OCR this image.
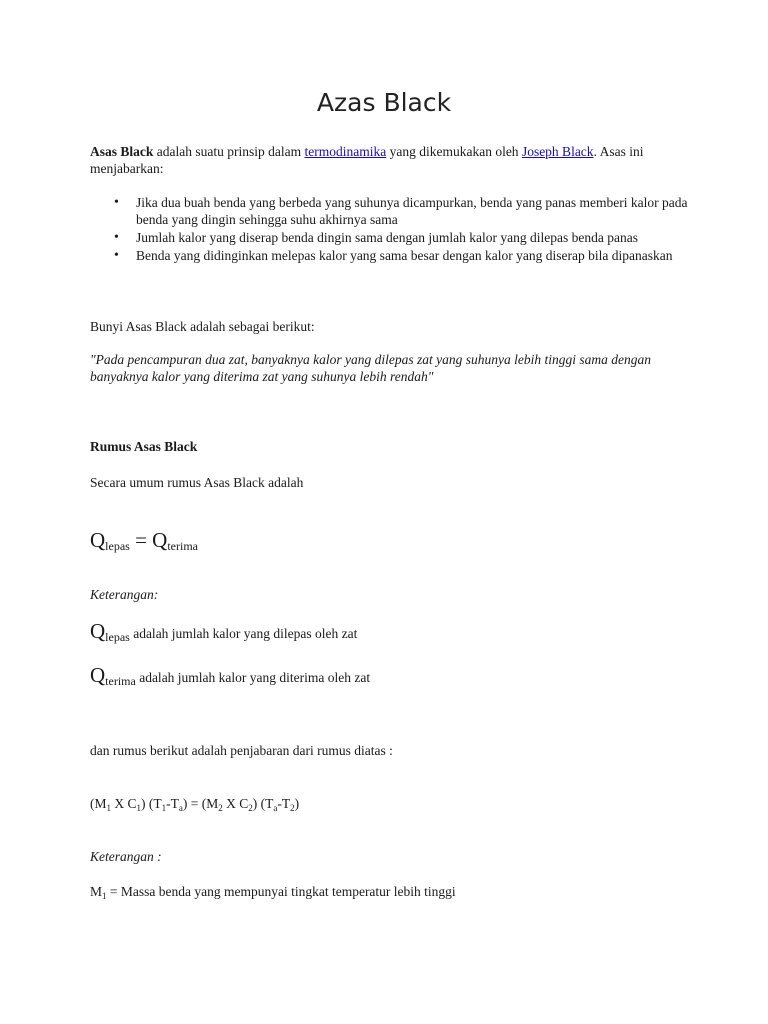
Azas Black

Asas Black adalah suatu prinsip dalam termodinamika yang dikemukakan oleh Joseph Black. Asas ini menjabarkan:

• Jika dua buah benda yang berbeda yang suhunya dicampurkan, benda yang panas memberi kalor pada benda yang dingin sehingga suhu akhirnya sama
• Jumlah kalor yang diserap benda dingin sama dengan jumlah kalor yang dilepas benda panas
• Benda yang didinginkan melepas kalor yang sama besar dengan kalor yang diserap bila dipanaskan

Bunyi Asas Black adalah sebagai berikut:

"Pada pencampuran dua zat, banyaknya kalor yang dilepas zat yang suhunya lebih tinggi sama dengan banyaknya kalor yang diterima zat yang suhunya lebih rendah"

Rumus Asas Black

Secara umum rumus Asas Black adalah

$Q_{lepas} = Q_{terima}$

Keterangan:

$Q_{lepas}$ adalah jumlah kalor yang dilepas oleh zat

$Q_{terima}$ adalah jumlah kalor yang diterima oleh zat

dan rumus berikut adalah penjabaran dari rumus diatas :

($M_1$ X $C_1$) $(T_1-T_a) = (M_2$ X $C_2$) $(T_a-T_2)$

Keterangan :

$M_1$ = Massa benda yang mempunyai tingkat temperatur lebih tinggi
